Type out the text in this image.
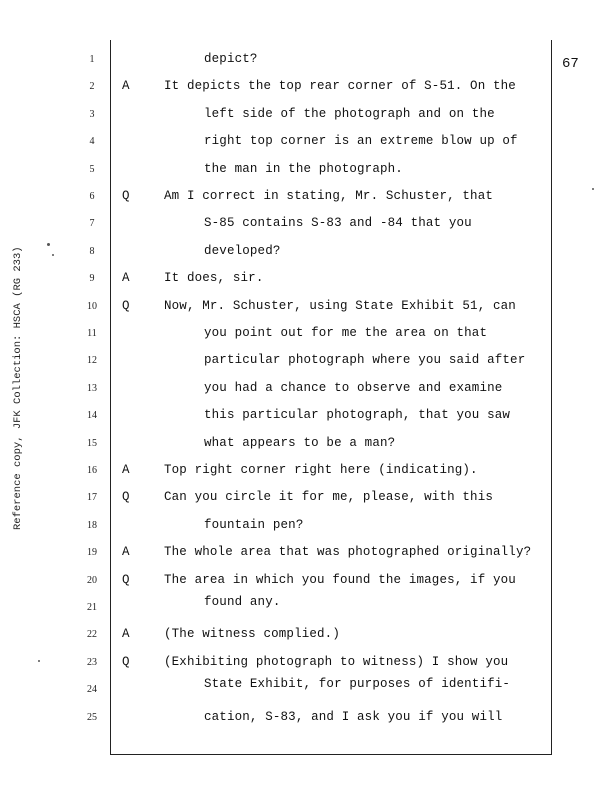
67
Reference copy, JFK Collection: HSCA (RG 233)
1	depict?
2	A	It depicts the top rear corner of S-51. On the
3	left side of the photograph and on the
4	right top corner is an extreme blow up of
5	the man in the photograph.
6	Q	Am I correct in stating, Mr. Schuster, that
7	S-85 contains S-83 and -84 that you
8	developed?
9	A	It does, sir.
10	Q	Now, Mr. Schuster, using State Exhibit 51, can
11	you point out for me the area on that
12	particular photograph where you said after
13	you had a chance to observe and examine
14	this particular photograph, that you saw
15	what appears to be a man?
16	A	Top right corner right here (indicating).
17	Q	Can you circle it for me, please, with this
18	fountain pen?
19	A	The whole area that was photographed originally?
20	Q	The area in which you found the images, if you
found any.
21
22	A	(The witness complied.)
23	Q	(Exhibiting photograph to witness) I show you
State Exhibit, for purposes of identifi-
24
25	cation, S-83, and I ask you if you will
